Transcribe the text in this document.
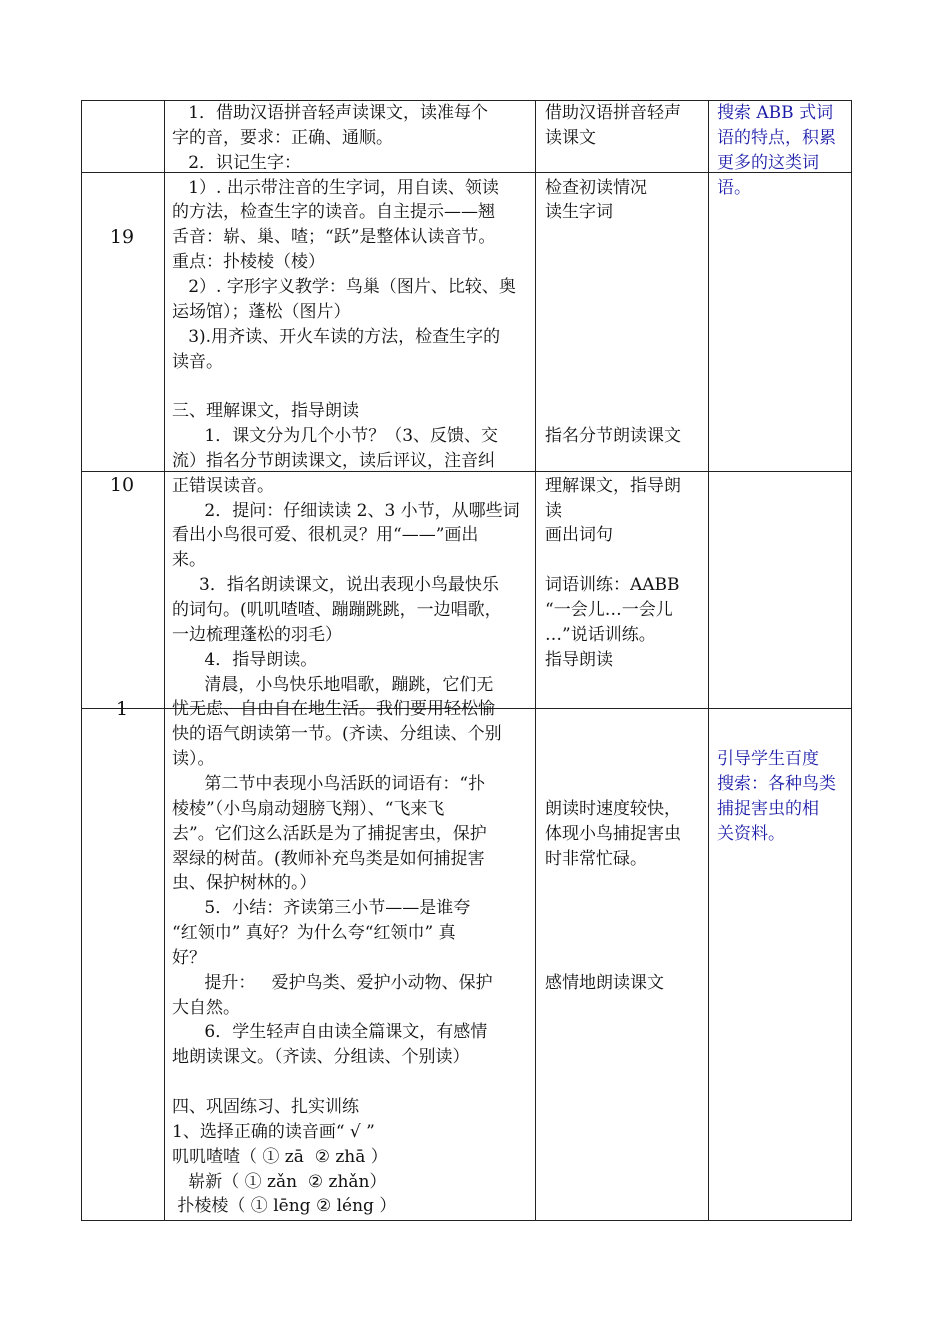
19
10
1
1．借助汉语拼音轻声读课文，读准每个
字的音，要求：正确、通顺。
2．识记生字：
1）. 出示带注音的生字词，用自读、领读
的方法，检查生字的读音。自主提示——翘
舌音：崭、巢、喳；“跃”是整体认读音节。
重点：扑棱棱（棱）
2）. 字形字义教学：鸟巢（图片、比较、奥
运场馆）；蓬松（图片）
3).用齐读、开火车读的方法，检查生字的
读音。
三、理解课文，指导朗读
1．课文分为几个小节？（3、反馈、交
流）指名分节朗读课文，读后评议，注音纠
正错误读音。
2．提问：仔细读读 2、3 小节，从哪些词
看出小鸟很可爱、很机灵？用“——”画出
来。
3．指名朗读课文，说出表现小鸟最快乐
的词句。(叽叽喳喳、蹦蹦跳跳，一边唱歌，
一边梳理蓬松的羽毛）
4．指导朗读。
清晨，小鸟快乐地唱歌，蹦跳，它们无
忧无虑、自由自在地生活。我们要用轻松愉
快的语气朗读第一节。(齐读、分组读、个别
读）。
第二节中表现小鸟活跃的词语有：“扑
棱棱”（小鸟扇动翅膀飞翔）、“飞来飞
去”。它们这么活跃是为了捕捉害虫，保护
翠绿的树苗。(教师补充鸟类是如何捕捉害
虫、保护树林的。）
5．小结：齐读第三小节——是谁夸
“红领巾” 真好？为什么夸“红领巾” 真
好？
提升：   爱护鸟类、爱护小动物、保护
大自然。
6．学生轻声自由读全篇课文，有感情
地朗读课文。（齐读、分组读、个别读）
四、巩固练习、扎实训练
1、选择正确的读音画“ √ ”
叽叽喳喳（ ① zā  ② zhā ）
崭新（ ① zǎn  ② zhǎn）
扑棱棱（ ① lēng ② léng ）
借助汉语拼音轻声
读课文
检查初读情况
读生字词
指名分节朗读课文
理解课文，指导朗
读
画出词句
词语训练：AABB
“一会儿…一会儿
…”说话训练。
指导朗读
朗读时速度较快，
体现小鸟捕捉害虫
时非常忙碌。
感情地朗读课文
搜索 ABB 式词
语的特点，积累
更多的这类词
语。
引导学生百度
搜索：各种鸟类
捕捉害虫的相
关资料。
